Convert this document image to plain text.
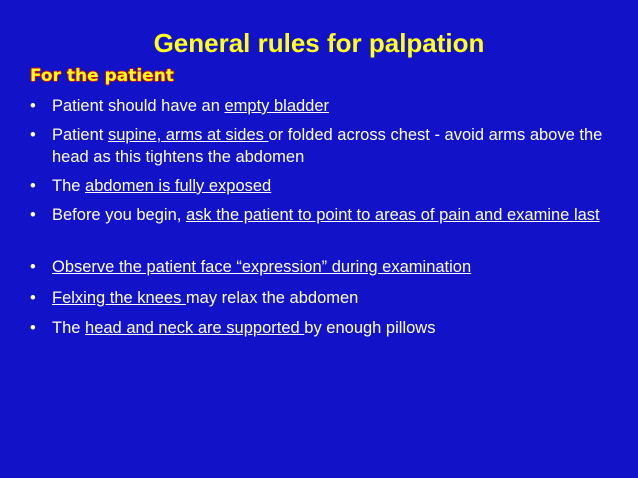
General rules for palpation
For the patient
• Patient should have an empty bladder
• Patient supine, arms at sides or folded across chest - avoid arms above the head as this tightens the abdomen
• The abdomen is fully exposed
• Before you begin, ask the patient to point to areas of pain and examine last
• Observe the patient face “expression” during examination
• Felxing the knees may relax the abdomen
• The head and neck are supported by enough pillows
